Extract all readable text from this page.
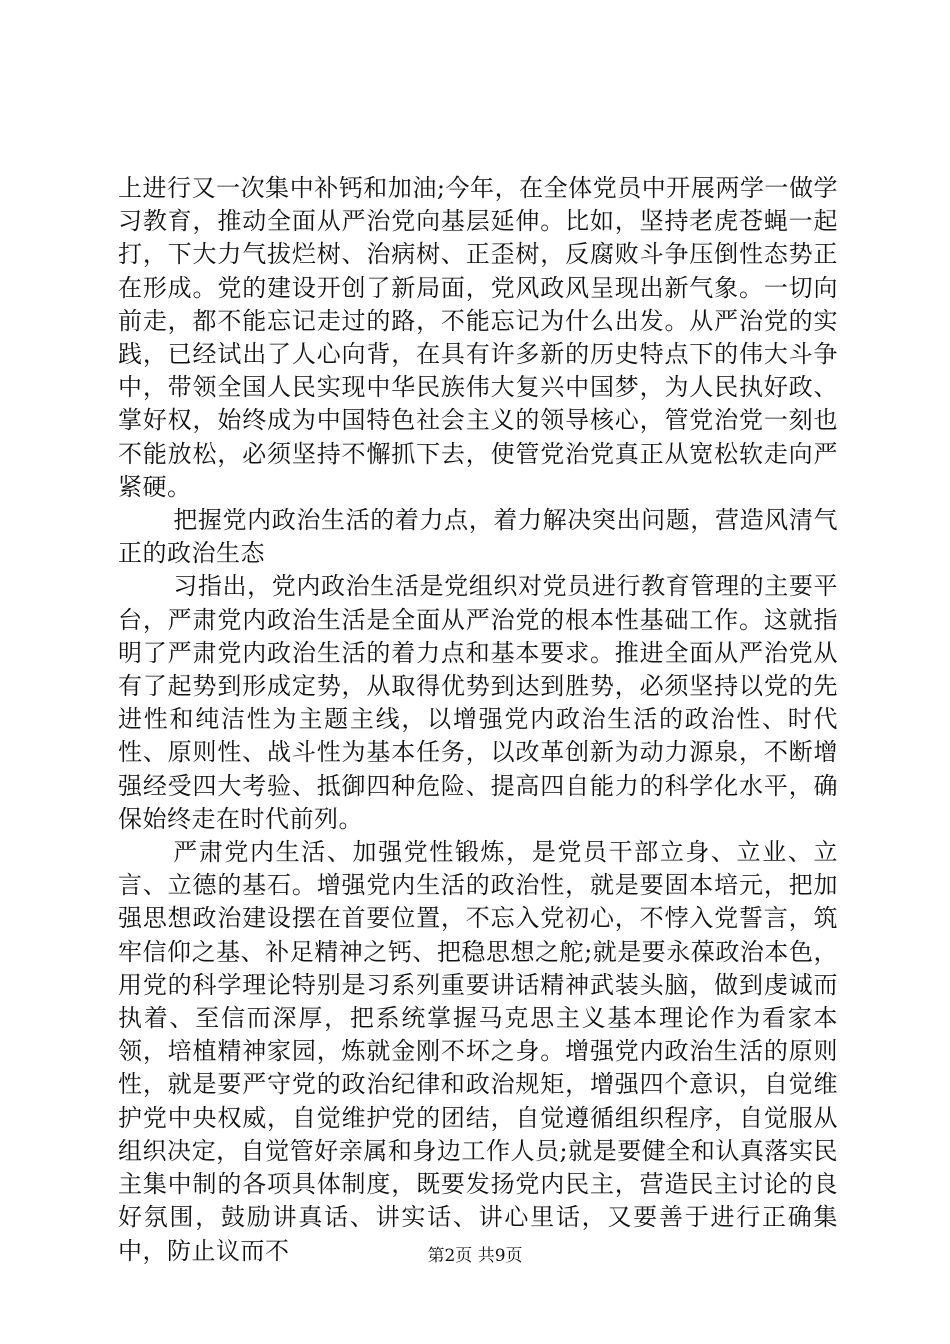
上进行又一次集中补钙和加油;今年，在全体党员中开展两学一做学习教育，推动全面从严治党向基层延伸。比如，坚持老虎苍蝇一起打，下大力气拔烂树、治病树、正歪树，反腐败斗争压倒性态势正在形成。党的建设开创了新局面，党风政风呈现出新气象。一切向前走，都不能忘记走过的路，不能忘记为什么出发。从严治党的实践，已经试出了人心向背，在具有许多新的历史特点下的伟大斗争中，带领全国人民实现中华民族伟大复兴中国梦，为人民执好政、掌好权，始终成为中国特色社会主义的领导核心，管党治党一刻也不能放松，必须坚持不懈抓下去，使管党治党真正从宽松软走向严紧硬。

把握党内政治生活的着力点，着力解决突出问题，营造风清气正的政治生态

习指出，党内政治生活是党组织对党员进行教育管理的主要平台，严肃党内政治生活是全面从严治党的根本性基础工作。这就指明了严肃党内政治生活的着力点和基本要求。推进全面从严治党从有了起势到形成定势，从取得优势到达到胜势，必须坚持以党的先进性和纯洁性为主题主线，以增强党内政治生活的政治性、时代性、原则性、战斗性为基本任务，以改革创新为动力源泉，不断增强经受四大考验、抵御四种危险、提高四自能力的科学化水平，确保始终走在时代前列。

严肃党内生活、加强党性锻炼，是党员干部立身、立业、立言、立德的基石。增强党内生活的政治性，就是要固本培元，把加强思想政治建设摆在首要位置，不忘入党初心，不悖入党誓言，筑牢信仰之基、补足精神之钙、把稳思想之舵;就是要永葆政治本色，用党的科学理论特别是习系列重要讲话精神武装头脑，做到虔诚而执着、至信而深厚，把系统掌握马克思主义基本理论作为看家本领，培植精神家园，炼就金刚不坏之身。增强党内政治生活的原则性，就是要严守党的政治纪律和政治规矩，增强四个意识，自觉维护党中央权威，自觉维护党的团结，自觉遵循组织程序，自觉服从组织决定，自觉管好亲属和身边工作人员;就是要健全和认真落实民主集中制的各项具体制度，既要发扬党内民主，营造民主讨论的良好氛围，鼓励讲真话、讲实话、讲心里话，又要善于进行正确集中，防止议而不	第2页 共9页
